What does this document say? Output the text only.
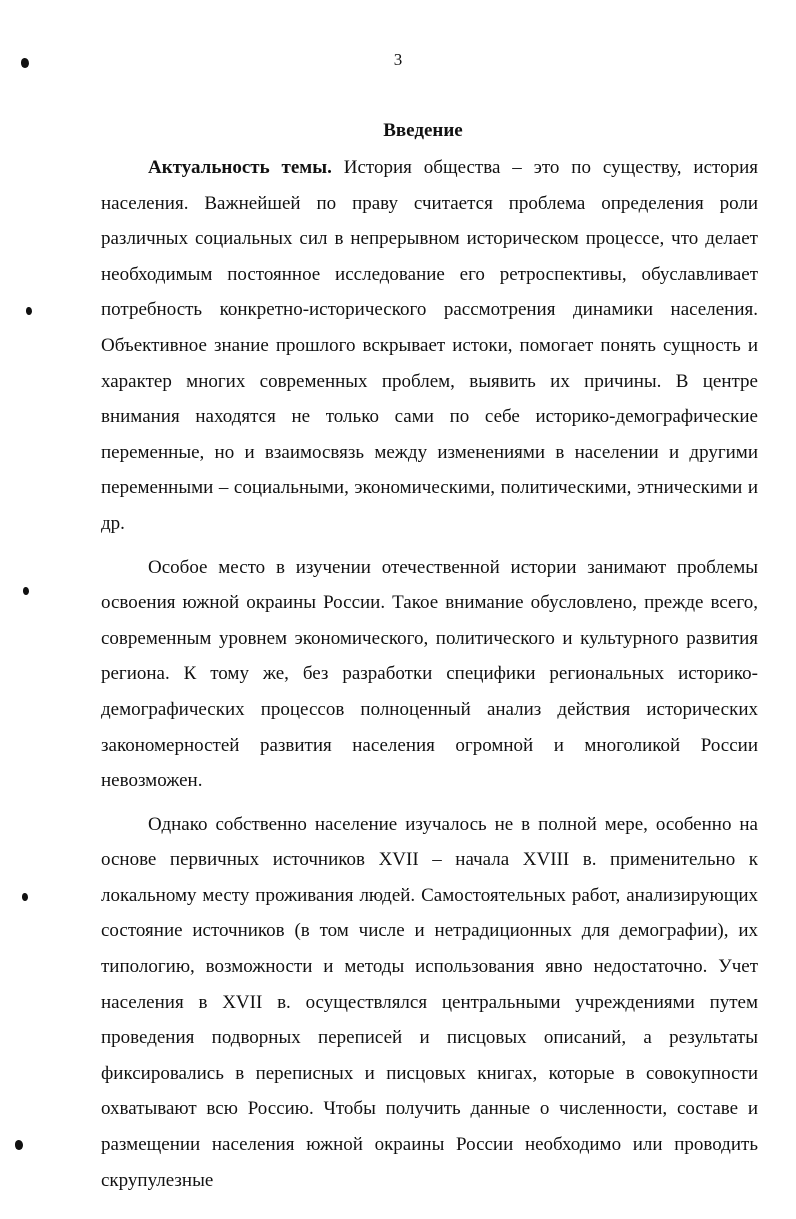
3
Введение

Актуальность темы. История общества – это по существу, история населения. Важнейшей по праву считается проблема определения роли различных социальных сил в непрерывном историческом процессе, что делает необходимым постоянное исследование его ретроспективы, обуславливает потребность конкретно-исторического рассмотрения динамики населения. Объективное знание прошлого вскрывает истоки, помогает понять сущность и характер многих современных проблем, выявить их причины. В центре внимания находятся не только сами по себе историко-демографические переменные, но и взаимосвязь между изменениями в населении и другими переменными – социальными, экономическими, политическими, этническими и др.

Особое место в изучении отечественной истории занимают проблемы освоения южной окраины России. Такое внимание обусловлено, прежде всего, современным уровнем экономического, политического и культурного развития региона. К тому же, без разработки специфики региональных историко-демографических процессов полноценный анализ действия исторических закономерностей развития населения огромной и многоликой России невозможен.

Однако собственно население изучалось не в полной мере, особенно на основе первичных источников XVII – начала XVIII в. применительно к локальному месту проживания людей. Самостоятельных работ, анализирующих состояние источников (в том числе и нетрадиционных для демографии), их типологию, возможности и методы использования явно недостаточно. Учет населения в XVII в. осуществлялся центральными учреждениями путем проведения подворных переписей и писцовых описаний, а результаты фиксировались в переписных и писцовых книгах, которые в совокупности охватывают всю Россию. Чтобы получить данные о численности, составе и размещении населения южной окраины России необходимо или проводить скрупулезные
